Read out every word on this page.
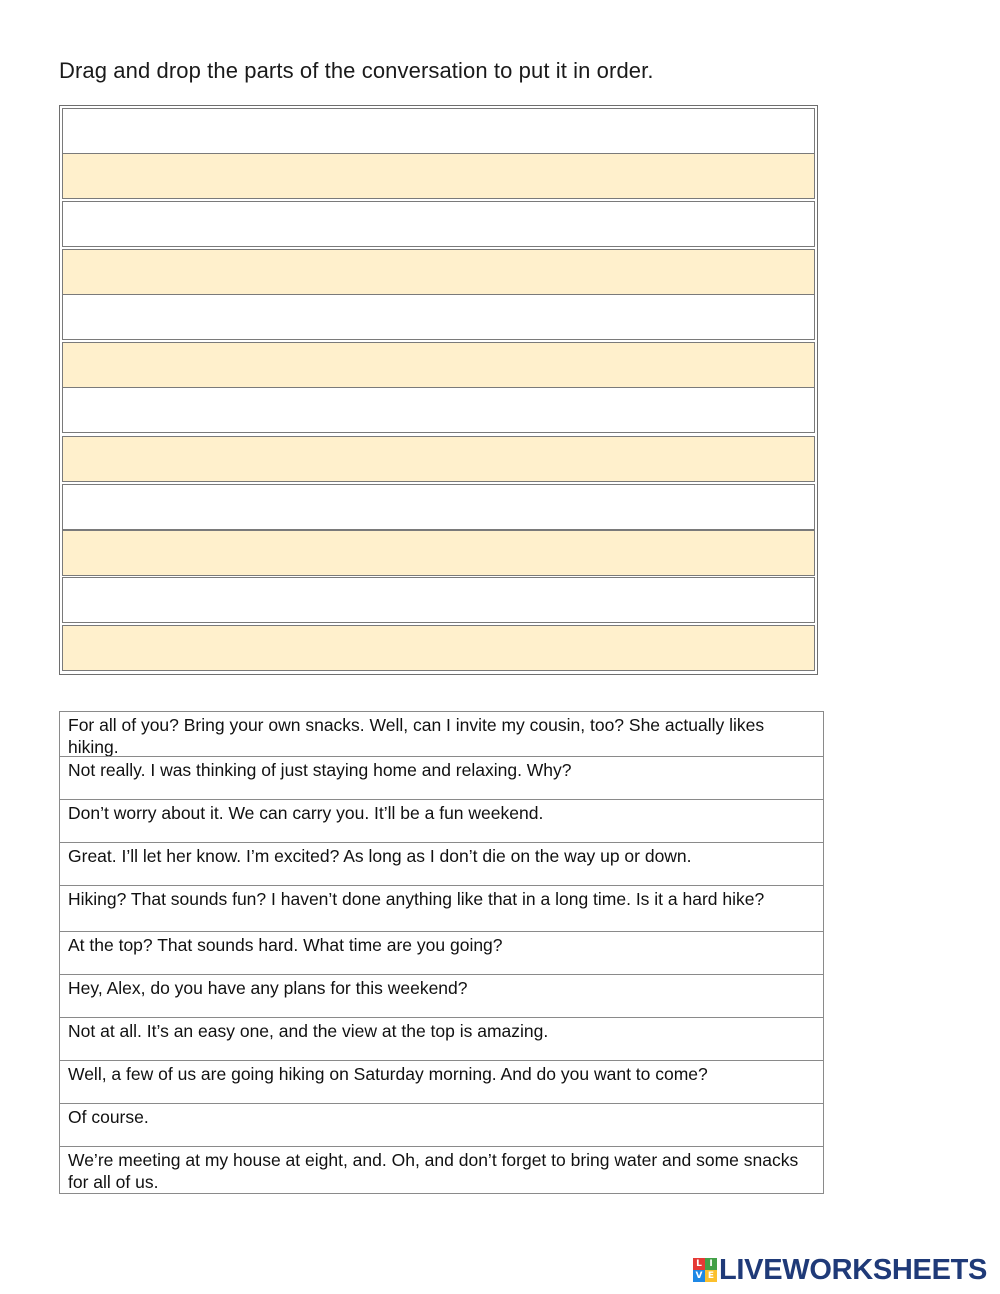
Drag and drop the parts of the conversation to put it in order.
For all of you? Bring your own snacks. Well, can I invite my cousin, too? She actually likes hiking.
Not really. I was thinking of just staying home and relaxing. Why?
Don’t worry about it. We can carry you. It’ll be a fun weekend.
Great. I’ll let her know. I’m excited? As long as I don’t die on the way up or down.
Hiking? That sounds fun? I haven’t done anything like that in a long time. Is it a hard hike?
At the top? That sounds hard. What time are you going?
Hey, Alex, do you have any plans for this weekend?
Not at all. It’s an easy one, and the view at the top is amazing.
Well, a few of us are going hiking on Saturday morning. And do you want to come?
Of course.
We’re meeting at my house at eight, and. Oh, and don’t forget to bring water and some snacks for all of us.
L I
V E LIVEWORKSHEETS
